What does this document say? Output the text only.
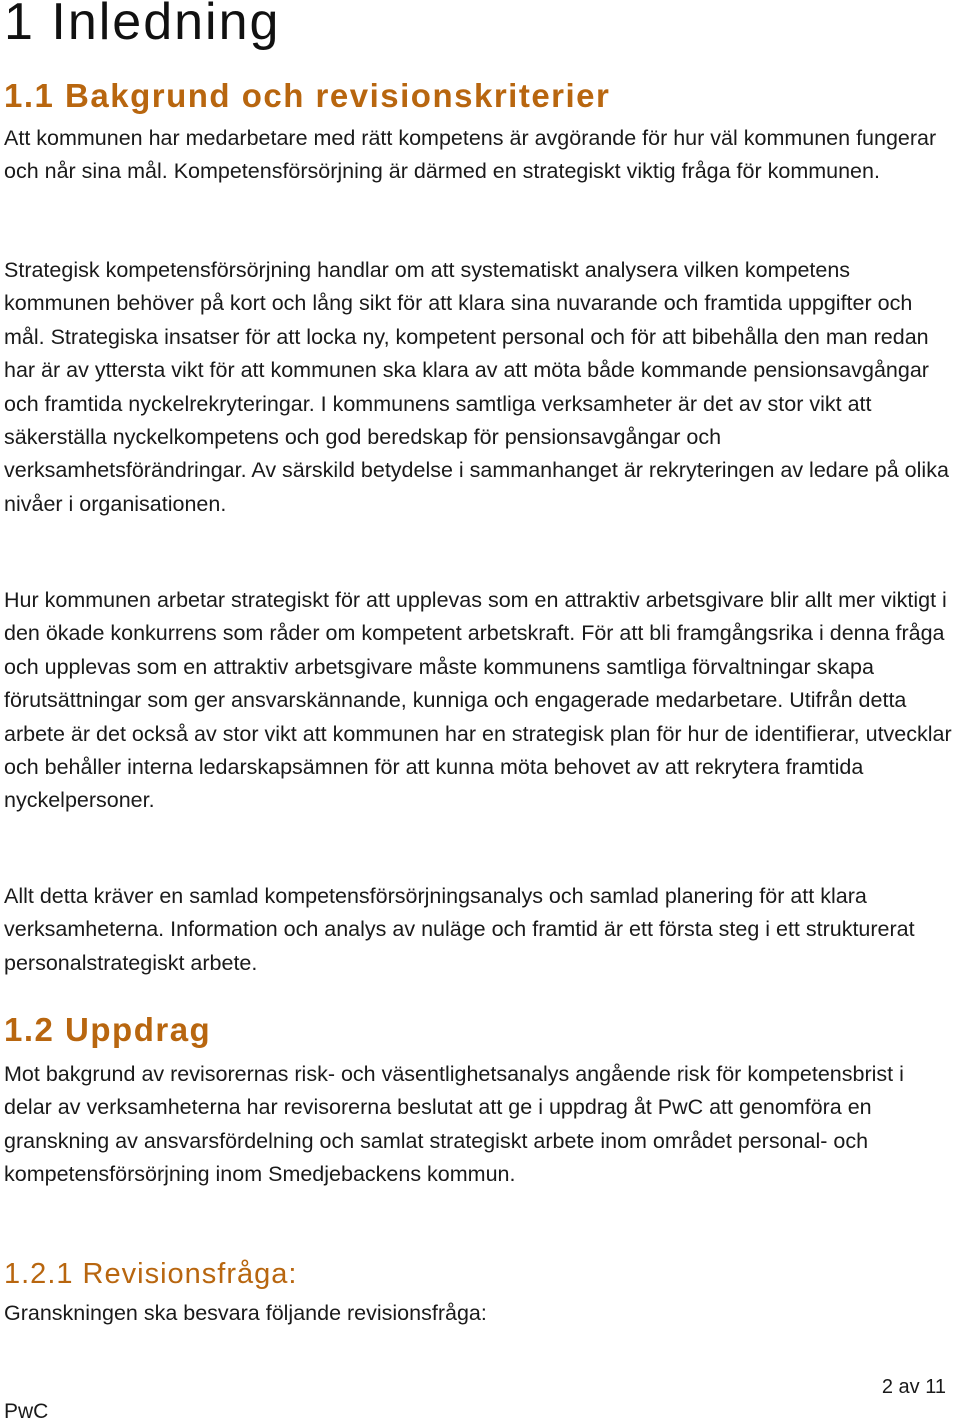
1 Inledning
1.1 Bakgrund och revisionskriterier

Att kommunen har medarbetare med rätt kompetens är avgörande för hur väl kommunen fungerar och når sina mål. Kompetensförsörjning är därmed en strategiskt viktig fråga för kommunen.

Strategisk kompetensförsörjning handlar om att systematiskt analysera vilken kompetens kommunen behöver på kort och lång sikt för att klara sina nuvarande och framtida uppgifter och mål. Strategiska insatser för att locka ny, kompetent personal och för att bibehålla den man redan har är av yttersta vikt för att kommunen ska klara av att möta både kommande pensionsavgångar och framtida nyckelrekryteringar. I kommunens samtliga verksamheter är det av stor vikt att säkerställa nyckelkompetens och god beredskap för pensionsavgångar och verksamhetsförändringar. Av särskild betydelse i sammanhanget är rekryteringen av ledare på olika nivåer i organisationen.

Hur kommunen arbetar strategiskt för att upplevas som en attraktiv arbetsgivare blir allt mer viktigt i den ökade konkurrens som råder om kompetent arbetskraft. För att bli framgångsrika i denna fråga och upplevas som en attraktiv arbetsgivare måste kommunens samtliga förvaltningar skapa förutsättningar som ger ansvarskännande, kunniga och engagerade medarbetare. Utifrån detta arbete är det också av stor vikt att kommunen har en strategisk plan för hur de identifierar, utvecklar och behåller interna ledarskapsämnen för att kunna möta behovet av att rekrytera framtida nyckelpersoner.

Allt detta kräver en samlad kompetensförsörjningsanalys och samlad planering för att klara verksamheterna. Information och analys av nuläge och framtid är ett första steg i ett strukturerat personalstrategiskt arbete.

1.2 Uppdrag

Mot bakgrund av revisorernas risk- och väsentlighetsanalys angående risk för kompetensbrist i delar av verksamheterna har revisorerna beslutat att ge i uppdrag åt PwC att genomföra en granskning av ansvarsfördelning och samlat strategiskt arbete inom området personal- och kompetensförsörjning inom Smedjebackens kommun.

1.2.1 Revisionsfråga:

Granskningen ska besvara följande revisionsfråga:

2 av 11
PwC
